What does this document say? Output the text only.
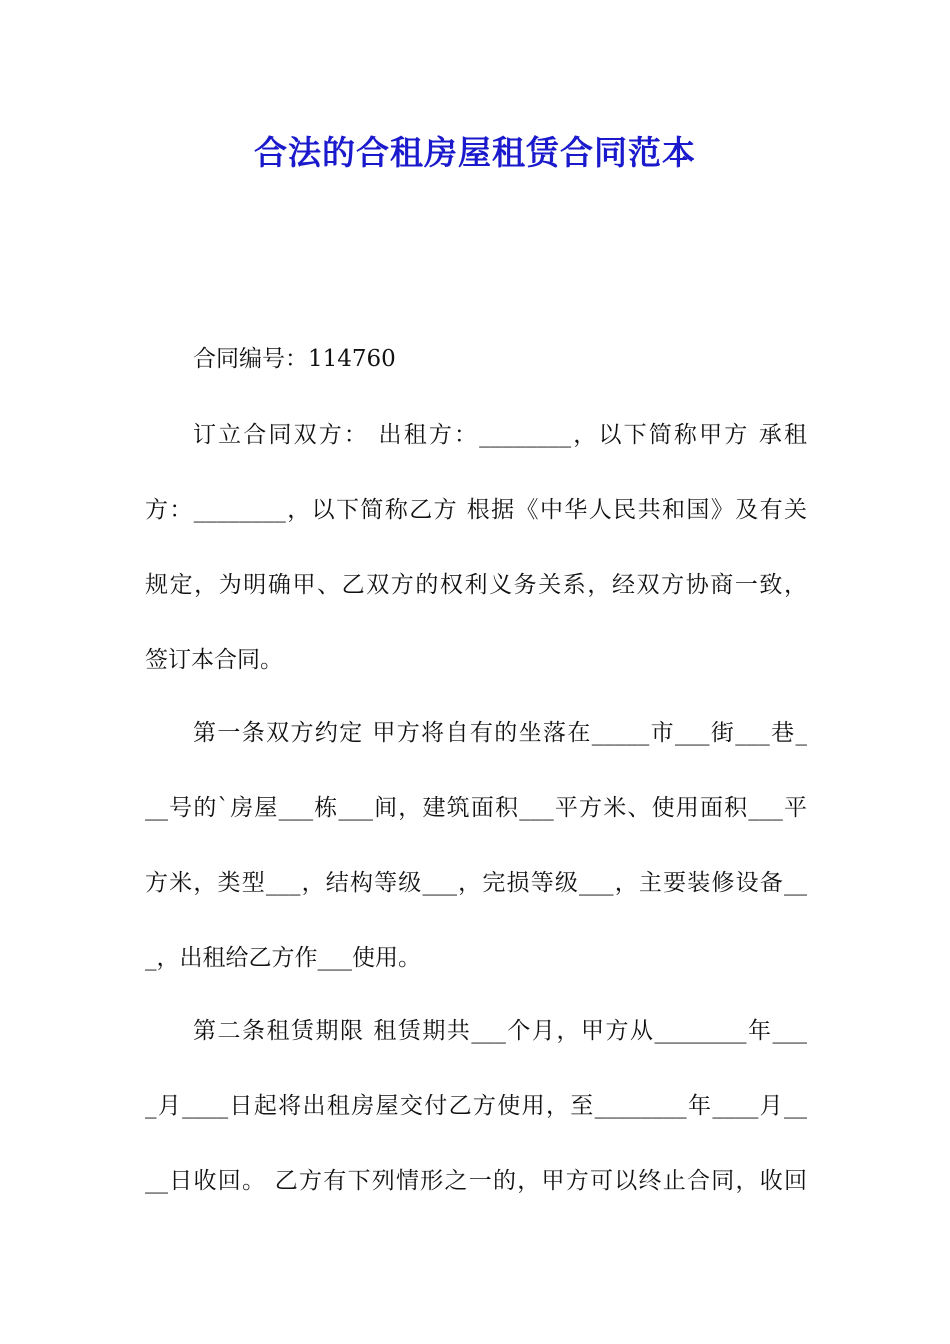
合法的合租房屋租赁合同范本

合同编号：114760

订立合同双方： 出租方：________，以下简称甲方 承租

方：________，以下简称乙方 根据《中华人民共和国》及有关

规定，为明确甲、乙双方的权利义务关系，经双方协商一致，

签订本合同。

第一条双方约定 甲方将自有的坐落在_____市___街___巷_

__号的`房屋___栋___间，建筑面积___平方米、使用面积___平

方米，类型___，结构等级___，完损等级___，主要装修设备__

_，出租给乙方作___使用。

第二条租赁期限 租赁期共___个月，甲方从________年___

_月____日起将出租房屋交付乙方使用，至________年____月__

__日收回。 乙方有下列情形之一的，甲方可以终止合同，收回
